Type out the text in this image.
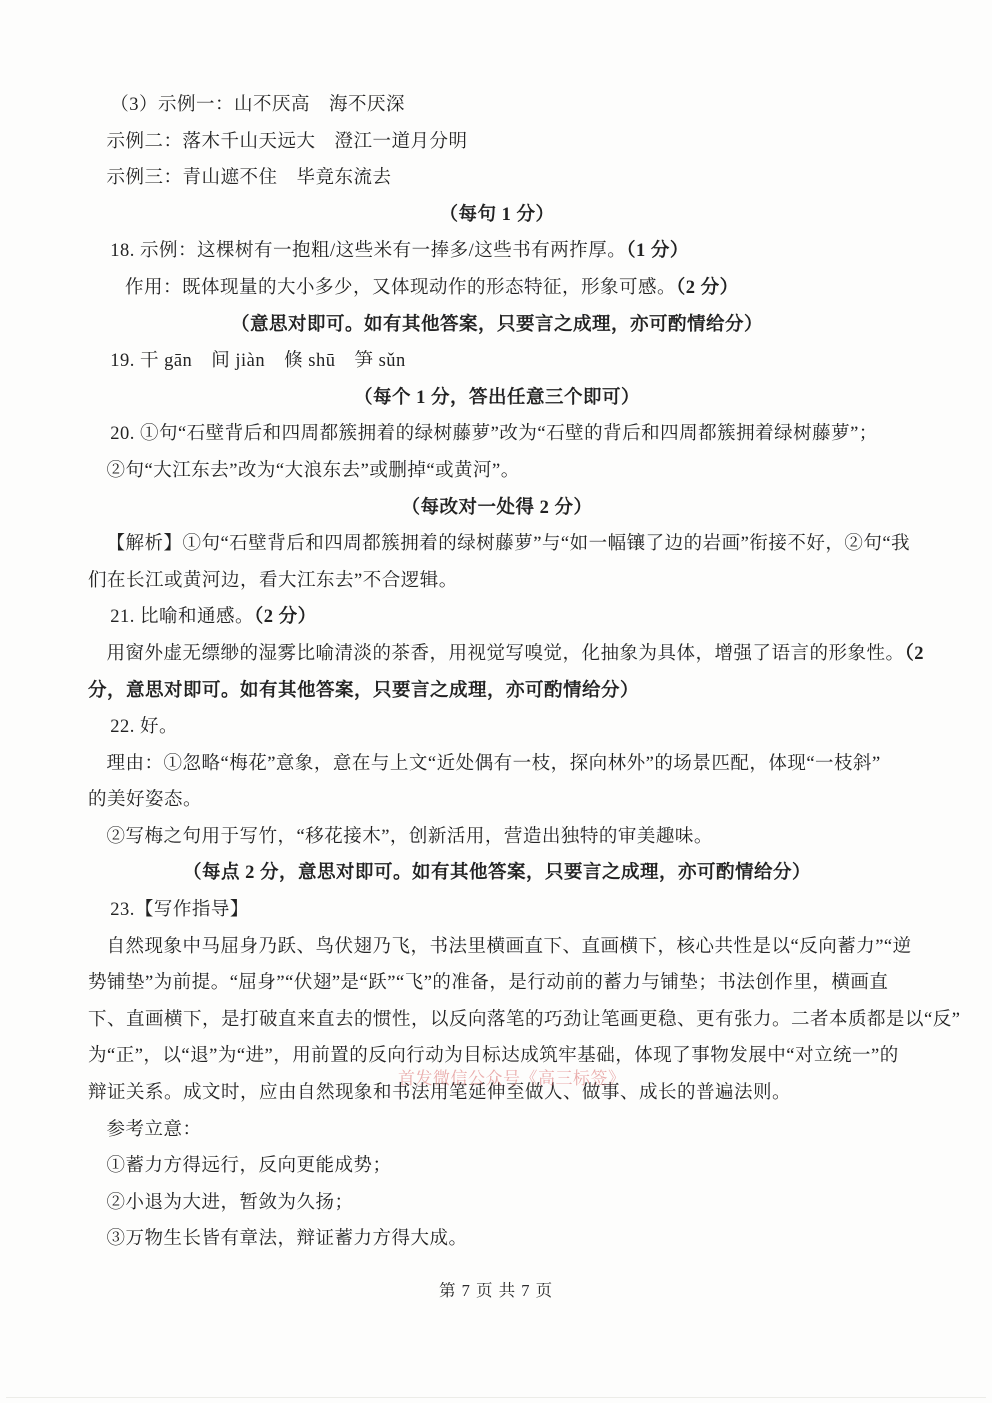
（3）示例一：山不厌高　海不厌深

示例二：落木千山天远大　澄江一道月分明

示例三：青山遮不住　毕竟东流去

（每句 1 分）

18. 示例：这棵树有一抱粗/这些米有一捧多/这些书有两拃厚。（1 分）

作用：既体现量的大小多少，又体现动作的形态特征，形象可感。（2 分）

（意思对即可。如有其他答案，只要言之成理，亦可酌情给分）

19. 干 gān　间 jiàn　倏 shū　笋 sǔn

（每个 1 分，答出任意三个即可）

20. ①句“石壁背后和四周都簇拥着的绿树藤萝”改为“石壁的背后和四周都簇拥着绿树藤萝”；

②句“大江东去”改为“大浪东去”或删掉“或黄河”。

（每改对一处得 2 分）

【解析】①句“石壁背后和四周都簇拥着的绿树藤萝”与“如一幅镶了边的岩画”衔接不好，②句“我

们在长江或黄河边，看大江东去”不合逻辑。

21. 比喻和通感。（2 分）

用窗外虚无缥缈的湿雾比喻清淡的茶香，用视觉写嗅觉，化抽象为具体，增强了语言的形象性。（2

分，意思对即可。如有其他答案，只要言之成理，亦可酌情给分）

22. 好。

理由：①忽略“梅花”意象，意在与上文“近处偶有一枝，探向林外”的场景匹配，体现“一枝斜”

的美好姿态。

②写梅之句用于写竹，“移花接木”，创新活用，营造出独特的审美趣味。

（每点 2 分，意思对即可。如有其他答案，只要言之成理，亦可酌情给分）

23.【写作指导】

自然现象中马屈身乃跃、鸟伏翅乃飞，书法里横画直下、直画横下，核心共性是以“反向蓄力”“逆

势铺垫”为前提。“屈身”“伏翅”是“跃”“飞”的准备，是行动前的蓄力与铺垫；书法创作里，横画直

下、直画横下，是打破直来直去的惯性，以反向落笔的巧劲让笔画更稳、更有张力。二者本质都是以“反”

为“正”，以“退”为“进”，用前置的反向行动为目标达成筑牢基础，体现了事物发展中“对立统一”的

辩证关系。成文时，应由自然现象和书法用笔延伸至做人、做事、成长的普遍法则。

参考立意：

①蓄力方得远行，反向更能成势；

②小退为大进，暂敛为久扬；

③万物生长皆有章法，辩证蓄力方得大成。

首发微信公众号《高三标签》
第 7 页 共 7 页
